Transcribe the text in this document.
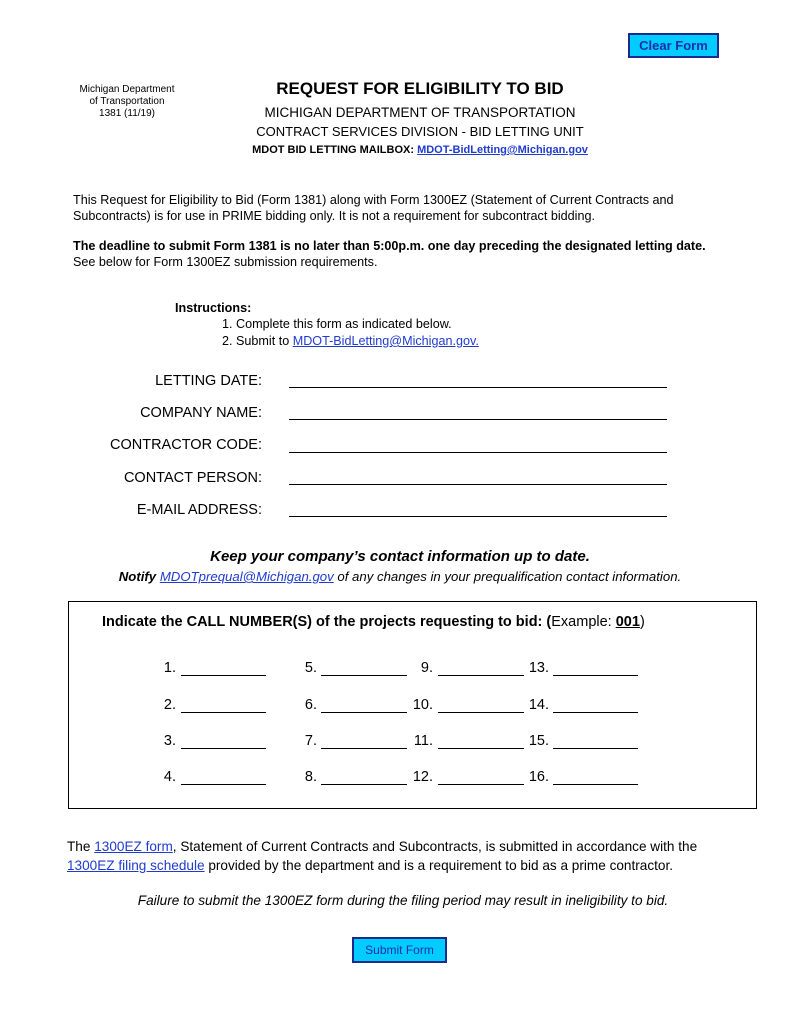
Clear Form
Michigan Department
of Transportation
1381 (11/19)
REQUEST FOR ELIGIBILITY TO BID
MICHIGAN DEPARTMENT OF TRANSPORTATION
CONTRACT SERVICES DIVISION - BID LETTING UNIT
MDOT BID LETTING MAILBOX: MDOT-BidLetting@Michigan.gov
This Request for Eligibility to Bid (Form 1381) along with Form 1300EZ (Statement of Current Contracts and
Subcontracts) is for use in PRIME bidding only. It is not a requirement for subcontract bidding.
The deadline to submit Form 1381 is no later than 5:00p.m. one day preceding the designated letting date.
See below for Form 1300EZ submission requirements.
Instructions:
1. Complete this form as indicated below.
2. Submit to MDOT-BidLetting@Michigan.gov.
LETTING DATE:
COMPANY NAME:
CONTRACTOR CODE:
CONTACT PERSON:
E-MAIL ADDRESS:
Keep your company’s contact information up to date.
Notify MDOTprequal@Michigan.gov of any changes in your prequalification contact information.
Indicate the CALL NUMBER(S) of the projects requesting to bid: (Example: 001)
1.
2.
3.
4.
5.
6.
7.
8.
9.
10.
11.
12.
13.
14.
15.
16.
The 1300EZ form, Statement of Current Contracts and Subcontracts, is submitted in accordance with the
1300EZ filing schedule provided by the department and is a requirement to bid as a prime contractor.
Failure to submit the 1300EZ form during the filing period may result in ineligibility to bid.
Submit Form
